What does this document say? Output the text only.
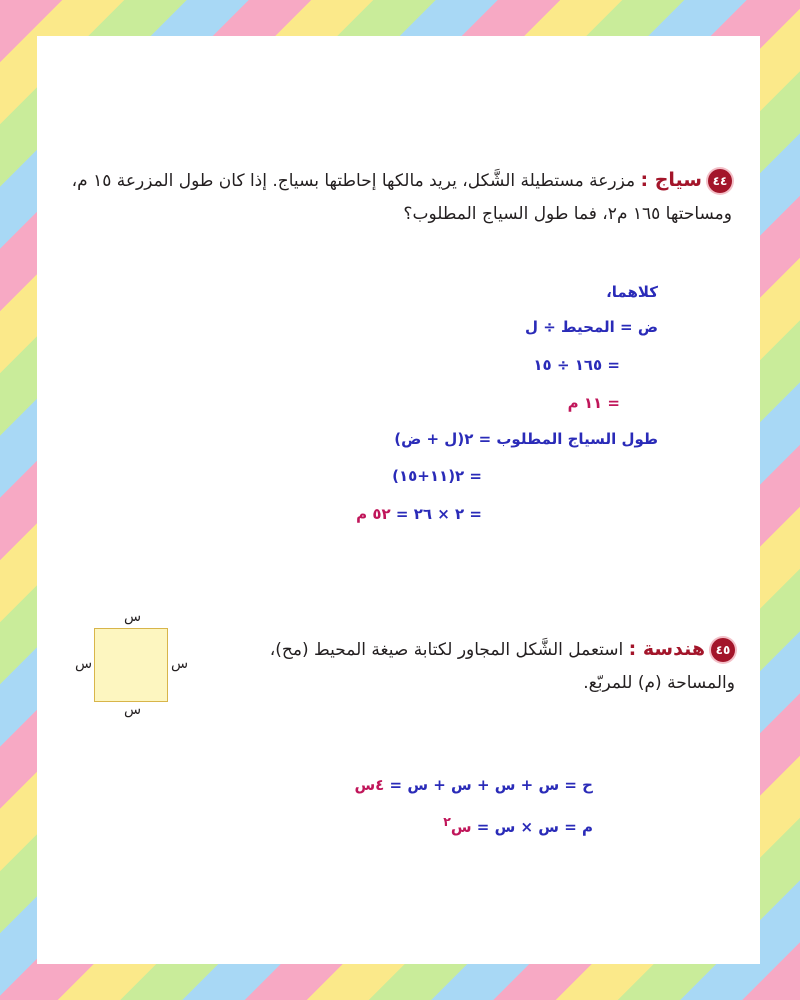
٤٤سياج : مزرعة مستطيلة الشَّكل، يريد مالكها إحاطتها بسياج. إذا كان طول المزرعة ١٥ م، ومساحتها ١٦٥ م٢، فما طول السياج المطلوب؟
كلاهما،
ض = المحيط ÷ ل
= ١٦٥ ÷ ١٥
= ١١ م
طول السياج المطلوب = ٢(ل + ض)
= ٢(١١+١٥)
= ٢ × ٢٦ = ٥٢ م
٤٥هندسة : استعمل الشَّكل المجاور لكتابة صيغة المحيط (مح)،
والمساحة (م) للمربّع.
س
س
س	س
ح = س + س + س + س = ٤س
م = س × س = س$^٢$
